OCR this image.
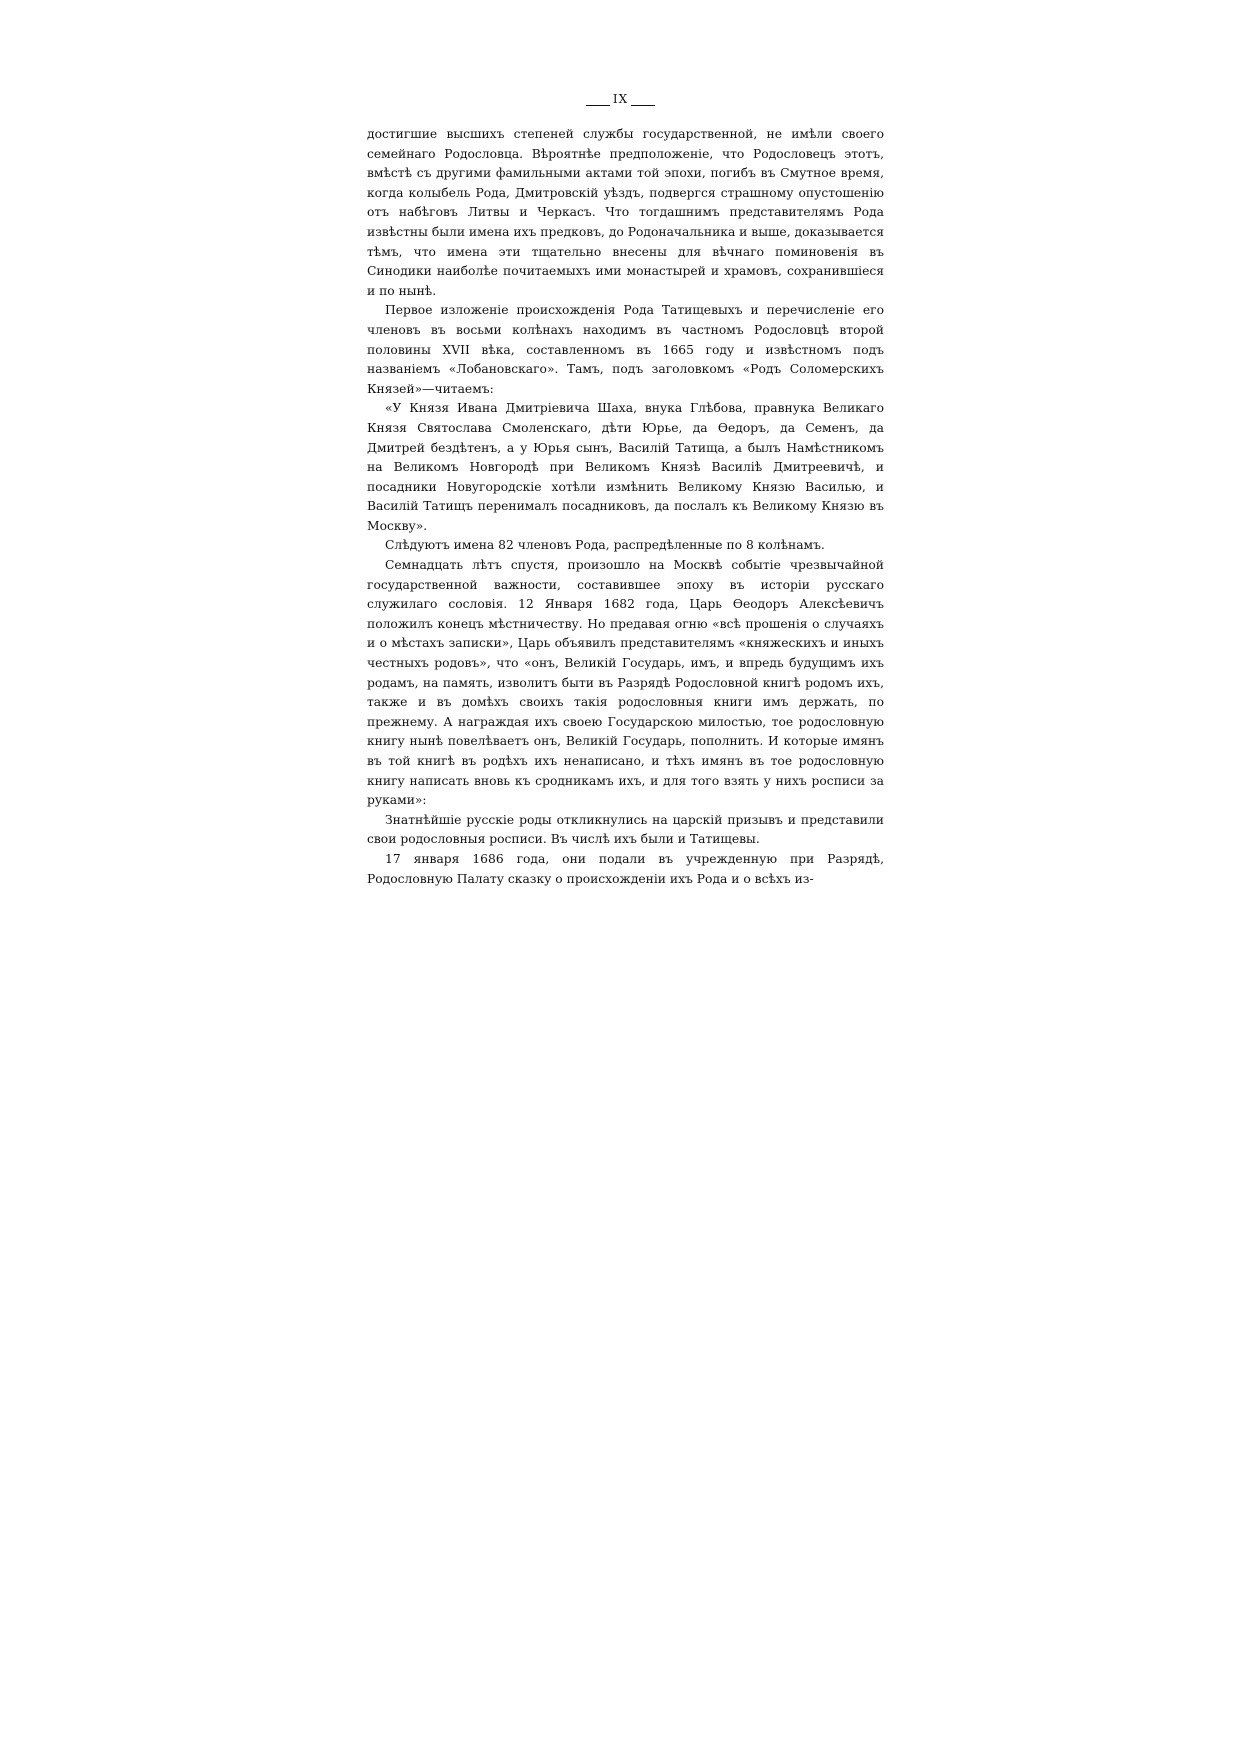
IX

достигшие высшихъ степеней службы государственной, не имѣли своего семейнаго Родословца. Вѣроятнѣе предположеніе, что Родословецъ этотъ, вмѣстѣ съ другими фамильными актами той эпохи, погибъ въ Смутное время, когда колыбель Рода, Дмитровскій уѣздъ, подвергся страшному опустошенію отъ набѣговъ Литвы и Черкасъ. Что тогдашнимъ представителямъ Рода извѣстны были имена ихъ предковъ, до Родоначальника и выше, доказывается тѣмъ, что имена эти тщательно внесены для вѣчнаго поминовенія въ Синодики наиболѣе почитаемыхъ ими монастырей и храмовъ, сохранившіеся и по нынѣ.

Первое изложеніе происхожденія Рода Татищевыхъ и перечисленіе его членовъ въ восьми колѣнахъ находимъ въ частномъ Родословцѣ второй половины XVII вѣка, составленномъ въ 1665 году и извѣстномъ подъ названіемъ «Лобановскаго». Тамъ, подъ заголовкомъ «Родъ Соломерскихъ Князей»—читаемъ:

«У Князя Ивана Дмитріевича Шаха, внука Глѣбова, правнука Великаго Князя Святослава Смоленскаго, дѣти Юрье, да Ѳедоръ, да Семенъ, да Дмитрей бездѣтенъ, а у Юрья сынъ, Василій Татища, а былъ Намѣстникомъ на Великомъ Новгородѣ при Великомъ Князѣ Василіѣ Дмитреевичѣ, и посадники Новугородскіе хотѣли измѣнить Великому Князю Василью, и Василій Татищъ перенималъ посадниковъ, да послалъ къ Великому Князю въ Москву».

Слѣдуютъ имена 82 членовъ Рода, распредѣленные по 8 колѣнамъ.

Семнадцать лѣтъ спустя, произошло на Москвѣ событіе чрезвычайной государственной важности, составившее эпоху въ исторіи русскаго служилаго сословія. 12 Января 1682 года, Царь Ѳеодоръ Алексѣевичъ положилъ конецъ мѣстничеству. Но предавая огню «всѣ прошенія о случаяхъ и о мѣстахъ записки», Царь объявилъ представителямъ «княжескихъ и иныхъ честныхъ родовъ», что «онъ, Великій Государь, имъ, и впредь будущимъ ихъ родамъ, на память, изволитъ быти въ Разрядѣ Родословной книгѣ родомъ ихъ, также и въ домѣхъ своихъ такія родословныя книги имъ держать, по прежнему. А награждая ихъ своею Государскою милостью, тое родословную книгу нынѣ повелѣваетъ онъ, Великій Государь, пополнить. И которые имянъ въ той книгѣ въ родѣхъ ихъ ненаписано, и тѣхъ имянъ въ тое родословную книгу написать вновь къ сродникамъ ихъ, и для того взять у нихъ росписи за руками»:

Знатнѣйшіе русскіе роды откликнулись на царскій призывъ и представили свои родословныя росписи. Въ числѣ ихъ были и Татищевы.

17 января 1686 года, они подали въ учрежденную при Разрядѣ, Родословную Палату сказку о происхожденіи ихъ Рода и о всѣхъ из-
